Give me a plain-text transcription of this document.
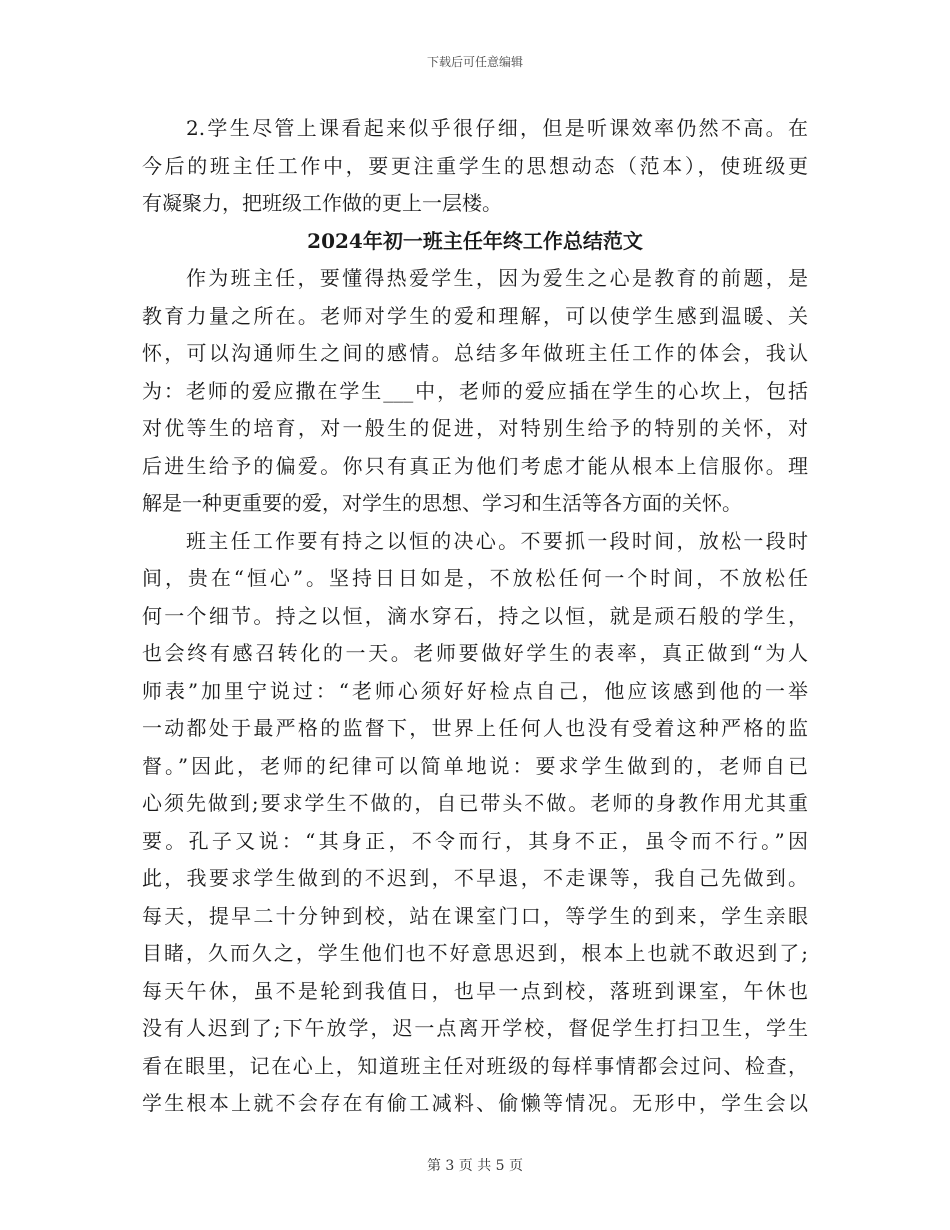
下载后可任意编辑
2.学生尽管上课看起来似乎很仔细，但是听课效率仍然不高。在
今后的班主任工作中，要更注重学生的思想动态（范本），使班级更
有凝聚力，把班级工作做的更上一层楼。
2024年初一班主任年终工作总结范文
作为班主任，要懂得热爱学生，因为爱生之心是教育的前题，是
教育力量之所在。老师对学生的爱和理解，可以使学生感到温暖、关
怀，可以沟通师生之间的感情。总结多年做班主任工作的体会，我认
为：老师的爱应撒在学生___中，老师的爱应插在学生的心坎上，包括
对优等生的培育，对一般生的促进，对特别生给予的特别的关怀，对
后进生给予的偏爱。你只有真正为他们考虑才能从根本上信服你。理
解是一种更重要的爱，对学生的思想、学习和生活等各方面的关怀。
班主任工作要有持之以恒的决心。不要抓一段时间，放松一段时
间，贵在“恒心”。坚持日日如是，不放松任何一个时间，不放松任
何一个细节。持之以恒，滴水穿石，持之以恒，就是顽石般的学生，
也会终有感召转化的一天。老师要做好学生的表率，真正做到“为人
师表”加里宁说过：“老师心须好好检点自己，他应该感到他的一举
一动都处于最严格的监督下，世界上任何人也没有受着这种严格的监
督。”因此，老师的纪律可以简单地说：要求学生做到的，老师自已
心须先做到;要求学生不做的，自已带头不做。老师的身教作用尤其重
要。孔子又说：“其身正，不令而行，其身不正，虽令而不行。”因
此，我要求学生做到的不迟到，不早退，不走课等，我自己先做到。
每天，提早二十分钟到校，站在课室门口，等学生的到来，学生亲眼
目睹，久而久之，学生他们也不好意思迟到，根本上也就不敢迟到了;
每天午休，虽不是轮到我值日，也早一点到校，落班到课室，午休也
没有人迟到了;下午放学，迟一点离开学校，督促学生打扫卫生，学生
看在眼里，记在心上，知道班主任对班级的每样事情都会过问、检查，
学生根本上就不会存在有偷工减料、偷懒等情况。无形中，学生会以
第 3 页 共 5 页
